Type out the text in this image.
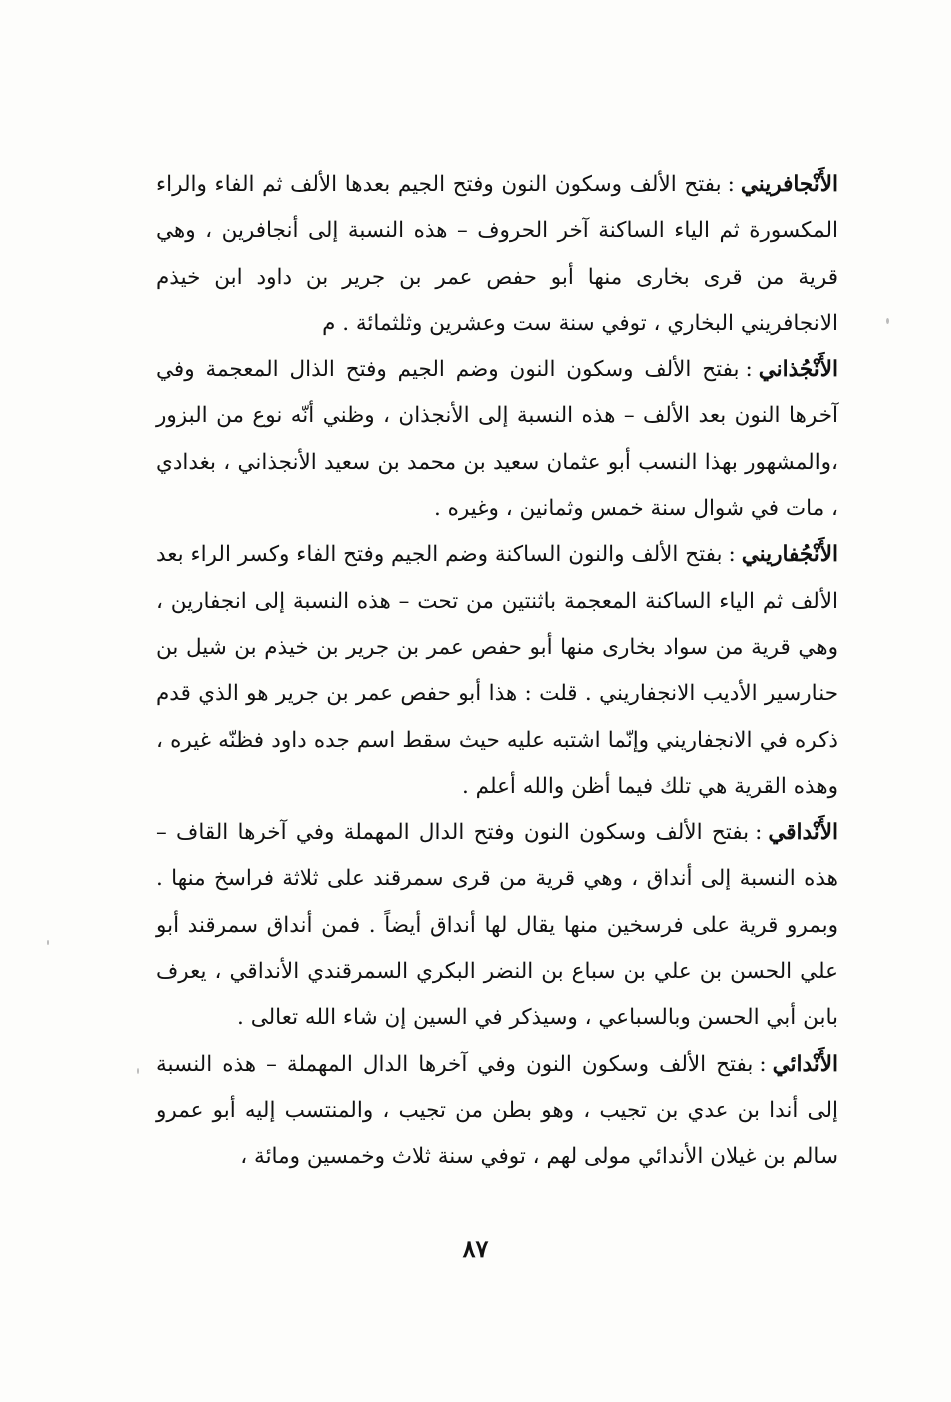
الأَنْجافريني:بفتح الألف وسكون النون وفتح الجيم بعدها الألف ثم الفاء والراء المكسورة ثم الياء الساكنة آخر الحروف – هذه النسبة إلى أنجافرين ، وهي قرية من قرى بخارى منها أبو حفص عمر بن جرير بن داود ابن خيذم الانجافريني البخاري ، توفي سنة ست وعشرين وثلثمائة . م

الأَنْجُذاني:بفتح الألف وسكون النون وضم الجيم وفتح الذال المعجمة وفي آخرها النون بعد الألف – هذه النسبة إلى الأنجذان ، وظني أنّه نوع من البزور ،والمشهور بهذا النسب أبو عثمان سعيد بن محمد بن سعيد الأنجذاني ، بغدادي ، مات في شوال سنة خمس وثمانين ، وغيره .

الأَنْجُفاريني:بفتح الألف والنون الساكنة وضم الجيم وفتح الفاء وكسر الراء بعد الألف ثم الياء الساكنة المعجمة باثنتين من تحت – هذه النسبة إلى انجفارين ، وهي قرية من سواد بخارى منها أبو حفص عمر بن جرير بن خيذم بن شيل بن حنارسير الأديب الانجفاريني . قلت : هذا أبو حفص عمر بن جرير هو الذي قدم ذكره في الانجفاريني وإنّما اشتبه عليه حيث سقط اسم جده داود فظنّه غيره ، وهذه القرية هي تلك فيما أظن والله أعلم .

الأَنْداقي:بفتح الألف وسكون النون وفتح الدال المهملة وفي آخرها القاف – هذه النسبة إلى أنداق ، وهي قرية من قرى سمرقند على ثلاثة فراسخ منها . وبمرو قرية على فرسخين منها يقال لها أنداق أيضاً . فمن أنداق سمرقند أبو علي الحسن بن علي بن سباع بن النضر البكري السمرقندي الأنداقي ، يعرف بابن أبي الحسن وبالسباعي ، وسيذكر في السين إن شاء الله تعالى .

الأَنْدائي:بفتح الألف وسكون النون وفي آخرها الدال المهملة – هذه النسبة إلى أندا بن عدي بن تجيب ، وهو بطن من تجيب ، والمنتسب إليه أبو عمرو سالم بن غيلان الأندائي مولى لهم ، توفي سنة ثلاث وخمسين ومائة ،

٨٧
